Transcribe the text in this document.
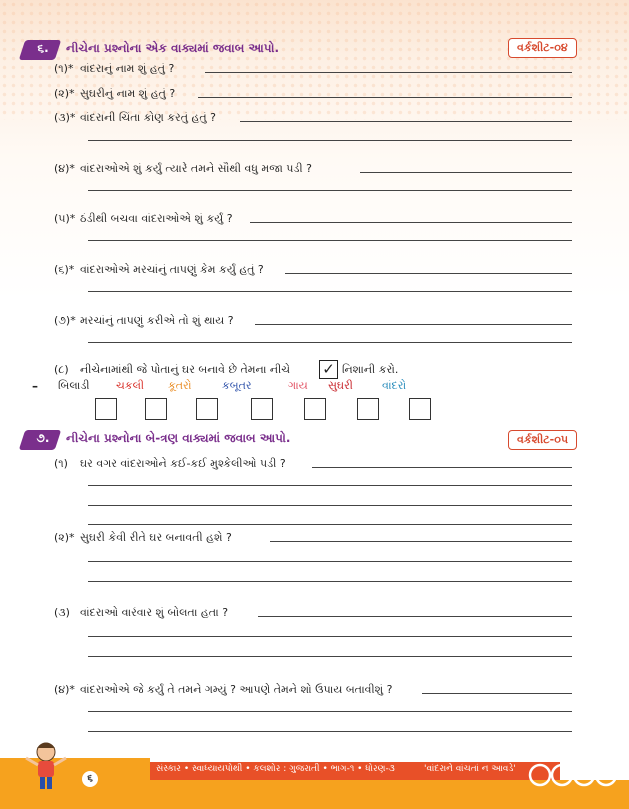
૬.	નીચેના પ્રશ્નોના એક વાક્યમાં જવાબ આપો.	વર્કશીટ-૦૪
(૧)* વાંદરાનું નામ શું હતું ?
(૨)* સુઘરીનું નામ શું હતું ?
(૩)* વાંદરાની ચિંતા કોણ કરતું હતું ?
(૪)* વાંદરાઓએ શું કર્યું ત્યારે તમને સૌથી વધુ મજા પડી ?
(૫)* ઠંડીથી બચવા વાંદરાઓએ શું કર્યું ?
(૬)* વાંદરાઓએ મરચાંનું તાપણું કેમ કર્યું હતું ?
(૭)* મરચાંનું તાપણું કરીએ તો શું થાય ?
(૮) નીચેનામાંથી જે પોતાનું ઘર બનાવે છે તેમના નીચે ✓ નિશાની કરો.
– બિલાડી ચકલી કૂતરો	કબૂતર	ગાય સુઘરી	વાંદરો
૭.	નીચેના પ્રશ્નોના બે-ત્રણ વાક્યમાં જવાબ આપો.	વર્કશીટ-૦૫
(૧) ઘર વગર વાંદરાઓને કઈ-કઈ મુશ્કેલીઓ પડી ?
(૨)* સુઘરી કેવી રીતે ઘર બનાવતી હશે ?
(૩) વાંદરાઓ વારંવાર શું બોલતા હતા ?
(૪)* વાંદરાઓએ જે કર્યું તે તમને ગમ્યું ? આપણે તેમને શો ઉપાય બતાવીશું ?
સંસ્કાર • સ્વાધ્યાયપોથી • કલશોર : ગુજરાતી • ભાગ-૧ • ધોરણ-૩	'વાંદરાને વાંચતાં ન આવડે'
૬
